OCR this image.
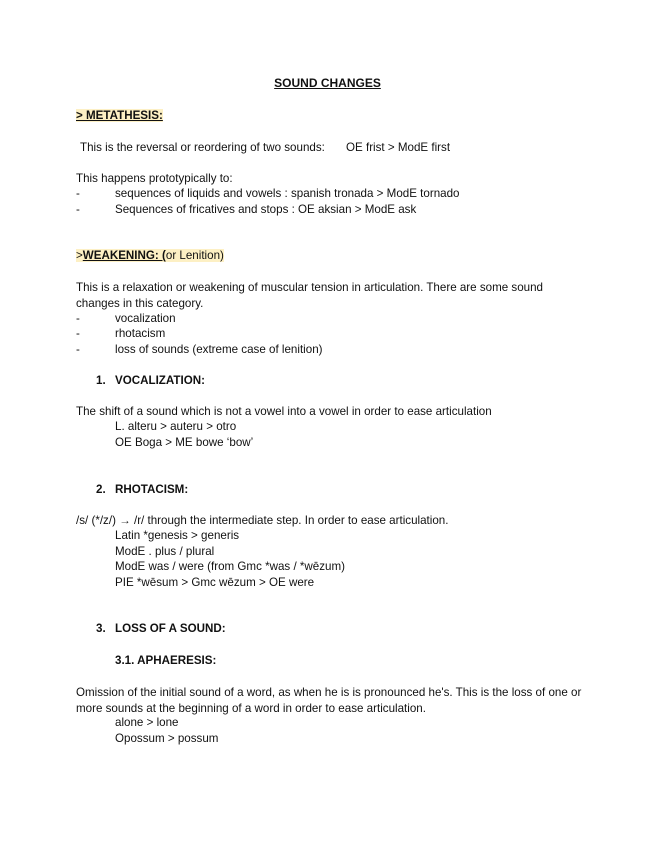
SOUND CHANGES
> METATHESIS:
This is the reversal or reordering of two sounds: OE frist > ModE first
This happens prototypically to:
-	sequences of liquids and vowels : spanish tronada > ModE tornado
-	Sequences of fricatives and stops : OE aksian > ModE ask
>WEAKENING: (or Lenition)
This is a relaxation or weakening of muscular tension in articulation. There are some sound changes in this category.
-	vocalization
-	rhotacism
-	loss of sounds (extreme case of lenition)
1. VOCALIZATION:
The shift of a sound which is not a vowel into a vowel in order to ease articulation
L. alteru > auteru > otro
OE Boga > ME bowe ‘bow’
2. RHOTACISM:
/s/ (*/z/) → /r/ through the intermediate step. In order to ease articulation.
Latin *genesis > generis
ModE . plus / plural
ModE was / were (from Gmc *was / *wēzum)
PIE *wēsum > Gmc wēzum > OE were
3. LOSS OF A SOUND:
3.1. APHAERESIS:
Omission of the initial sound of a word, as when he is is pronounced he's. This is the loss of one or more sounds at the beginning of a word in order to ease articulation.
alone > lone
Opossum > possum
